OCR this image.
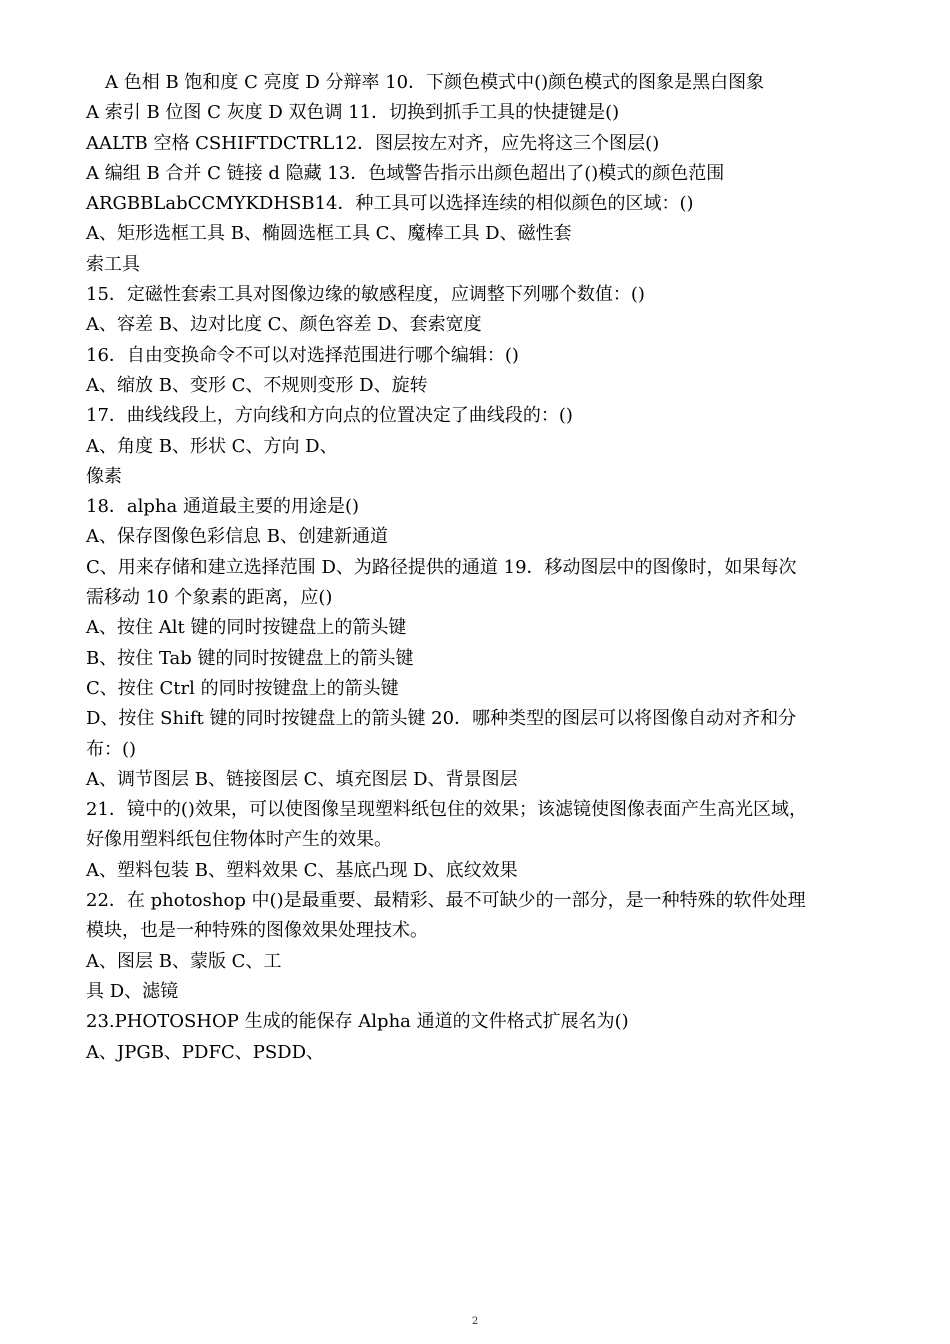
A 色相 B 饱和度 C 亮度 D 分辩率 10．下颜色模式中()颜色模式的图象是黑白图象
A 索引 B 位图 C 灰度 D 双色调 11．切换到抓手工具的快捷键是()
AALTB 空格 CSHIFTDCTRL12．图层按左对齐，应先将这三个图层()
A 编组 B 合并 C 链接 d 隐藏 13．色域警告指示出颜色超出了()模式的颜色范围
ARGBBLabCCMYKDHSB14．种工具可以选择连续的相似颜色的区域：()
A、矩形选框工具 B、椭圆选框工具 C、魔棒工具 D、磁性套
索工具
15．定磁性套索工具对图像边缘的敏感程度，应调整下列哪个数值：()
A、容差 B、边对比度 C、颜色容差 D、套索宽度
16．自由变换命令不可以对选择范围进行哪个编辑：()
A、缩放 B、变形 C、不规则变形 D、旋转
17．曲线线段上，方向线和方向点的位置决定了曲线段的：()
A、角度 B、形状 C、方向 D、
像素
18．alpha 通道最主要的用途是()
A、保存图像色彩信息 B、创建新通道
C、用来存储和建立选择范围 D、为路径提供的通道 19．移动图层中的图像时，如果每次
需移动 10 个象素的距离，应()
A、按住 Alt 键的同时按键盘上的箭头键
B、按住 Tab 键的同时按键盘上的箭头键
C、按住 Ctrl 的同时按键盘上的箭头键
D、按住 Shift 键的同时按键盘上的箭头键 20．哪种类型的图层可以将图像自动对齐和分
布：()
A、调节图层 B、链接图层 C、填充图层 D、背景图层
21．镜中的()效果，可以使图像呈现塑料纸包住的效果；该滤镜使图像表面产生高光区域，
好像用塑料纸包住物体时产生的效果。
A、塑料包装 B、塑料效果 C、基底凸现 D、底纹效果
22．在 photoshop 中()是最重要、最精彩、最不可缺少的一部分，是一种特殊的软件处理
模块，也是一种特殊的图像效果处理技术。
A、图层 B、蒙版 C、工
具 D、滤镜
23.PHOTOSHOP 生成的能保存 Alpha 通道的文件格式扩展名为()
A、JPGB、PDFC、PSDD、
2
